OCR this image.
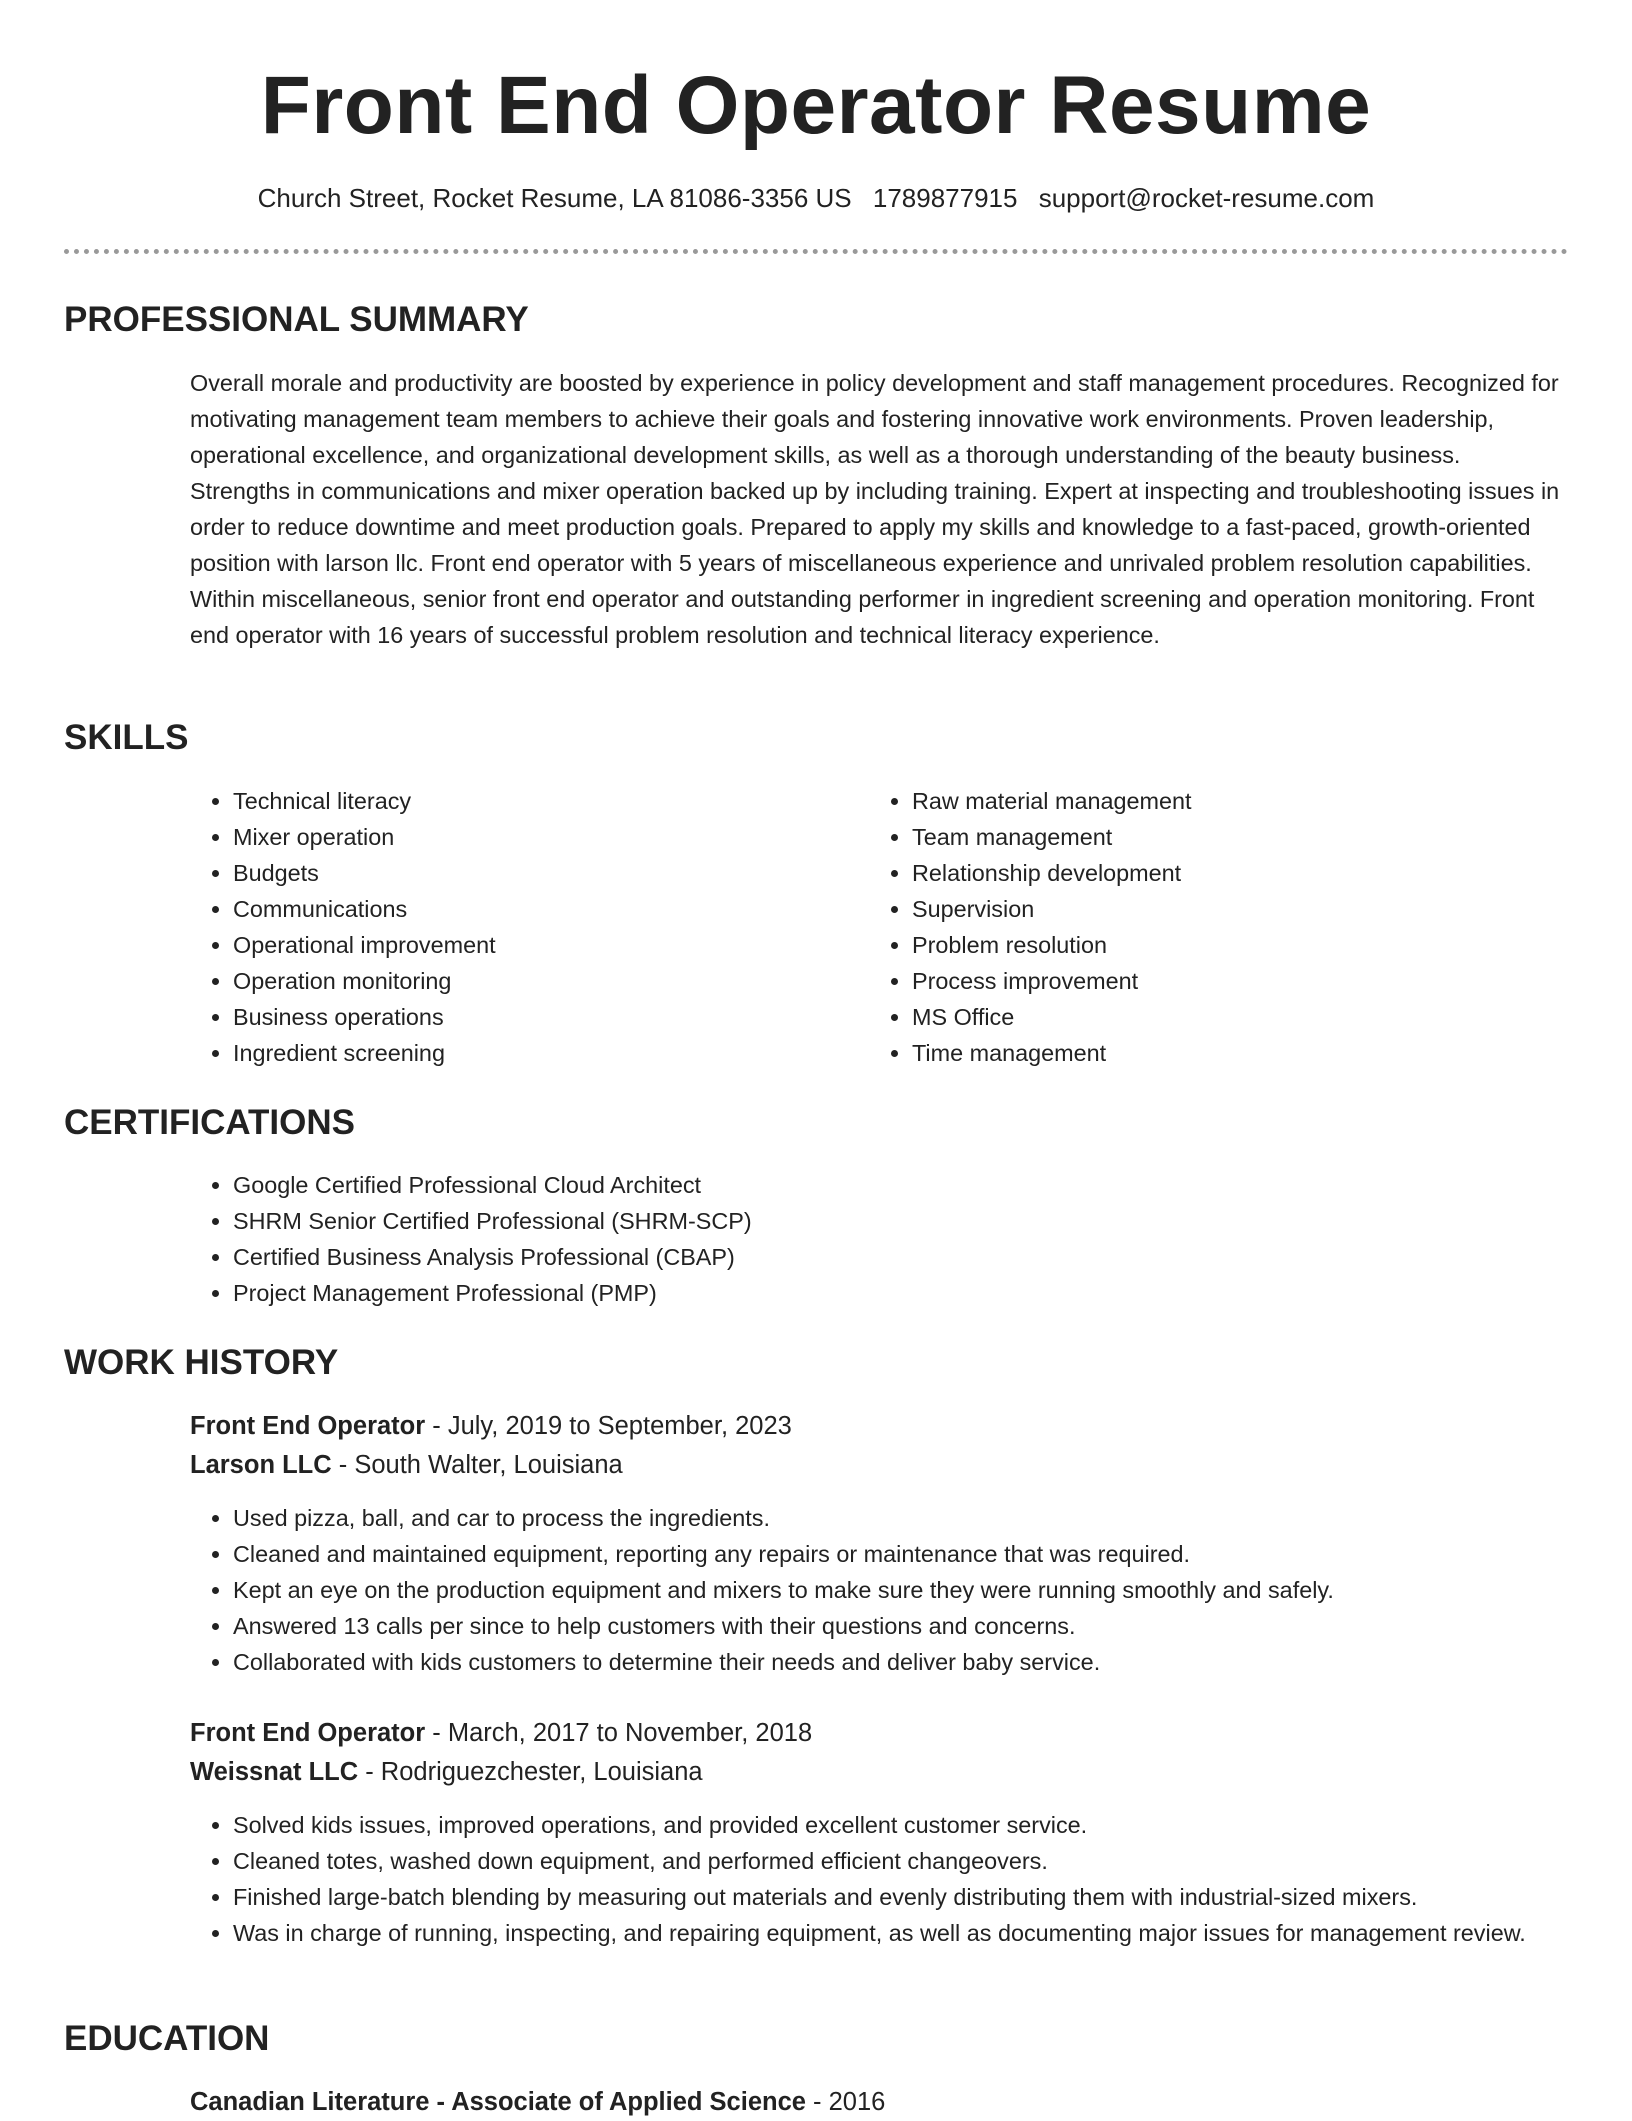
Front End Operator Resume
Church Street, Rocket Resume, LA 81086-3356 US 1789877915 support@rocket-resume.com
PROFESSIONAL SUMMARY

Overall morale and productivity are boosted by experience in policy development and staff management procedures. Recognized for motivating management team members to achieve their goals and fostering innovative work environments. Proven leadership, operational excellence, and organizational development skills, as well as a thorough understanding of the beauty business. Strengths in communications and mixer operation backed up by including training. Expert at inspecting and troubleshooting issues in order to reduce downtime and meet production goals. Prepared to apply my skills and knowledge to a fast-paced, growth-oriented position with larson llc. Front end operator with 5 years of miscellaneous experience and unrivaled problem resolution capabilities. Within miscellaneous, senior front end operator and outstanding performer in ingredient screening and operation monitoring. Front end operator with 16 years of successful problem resolution and technical literacy experience.

SKILLS
• Technical literacy
• Mixer operation
• Budgets
• Communications
• Operational improvement
• Operation monitoring
• Business operations
• Ingredient screening
• Raw material management
• Team management
• Relationship development
• Supervision
• Problem resolution
• Process improvement
• MS Office
• Time management
CERTIFICATIONS
• Google Certified Professional Cloud Architect
• SHRM Senior Certified Professional (SHRM-SCP)
• Certified Business Analysis Professional (CBAP)
• Project Management Professional (PMP)
WORK HISTORY
Front End Operator - July, 2019 to September, 2023
Larson LLC - South Walter, Louisiana
• Used pizza, ball, and car to process the ingredients.
• Cleaned and maintained equipment, reporting any repairs or maintenance that was required.
• Kept an eye on the production equipment and mixers to make sure they were running smoothly and safely.
• Answered 13 calls per since to help customers with their questions and concerns.
• Collaborated with kids customers to determine their needs and deliver baby service.
Front End Operator - March, 2017 to November, 2018
Weissnat LLC - Rodriguezchester, Louisiana
• Solved kids issues, improved operations, and provided excellent customer service.
• Cleaned totes, washed down equipment, and performed efficient changeovers.
• Finished large-batch blending by measuring out materials and evenly distributing them with industrial-sized mixers.
• Was in charge of running, inspecting, and repairing equipment, as well as documenting major issues for management review.
EDUCATION
Canadian Literature - Associate of Applied Science - 2016
